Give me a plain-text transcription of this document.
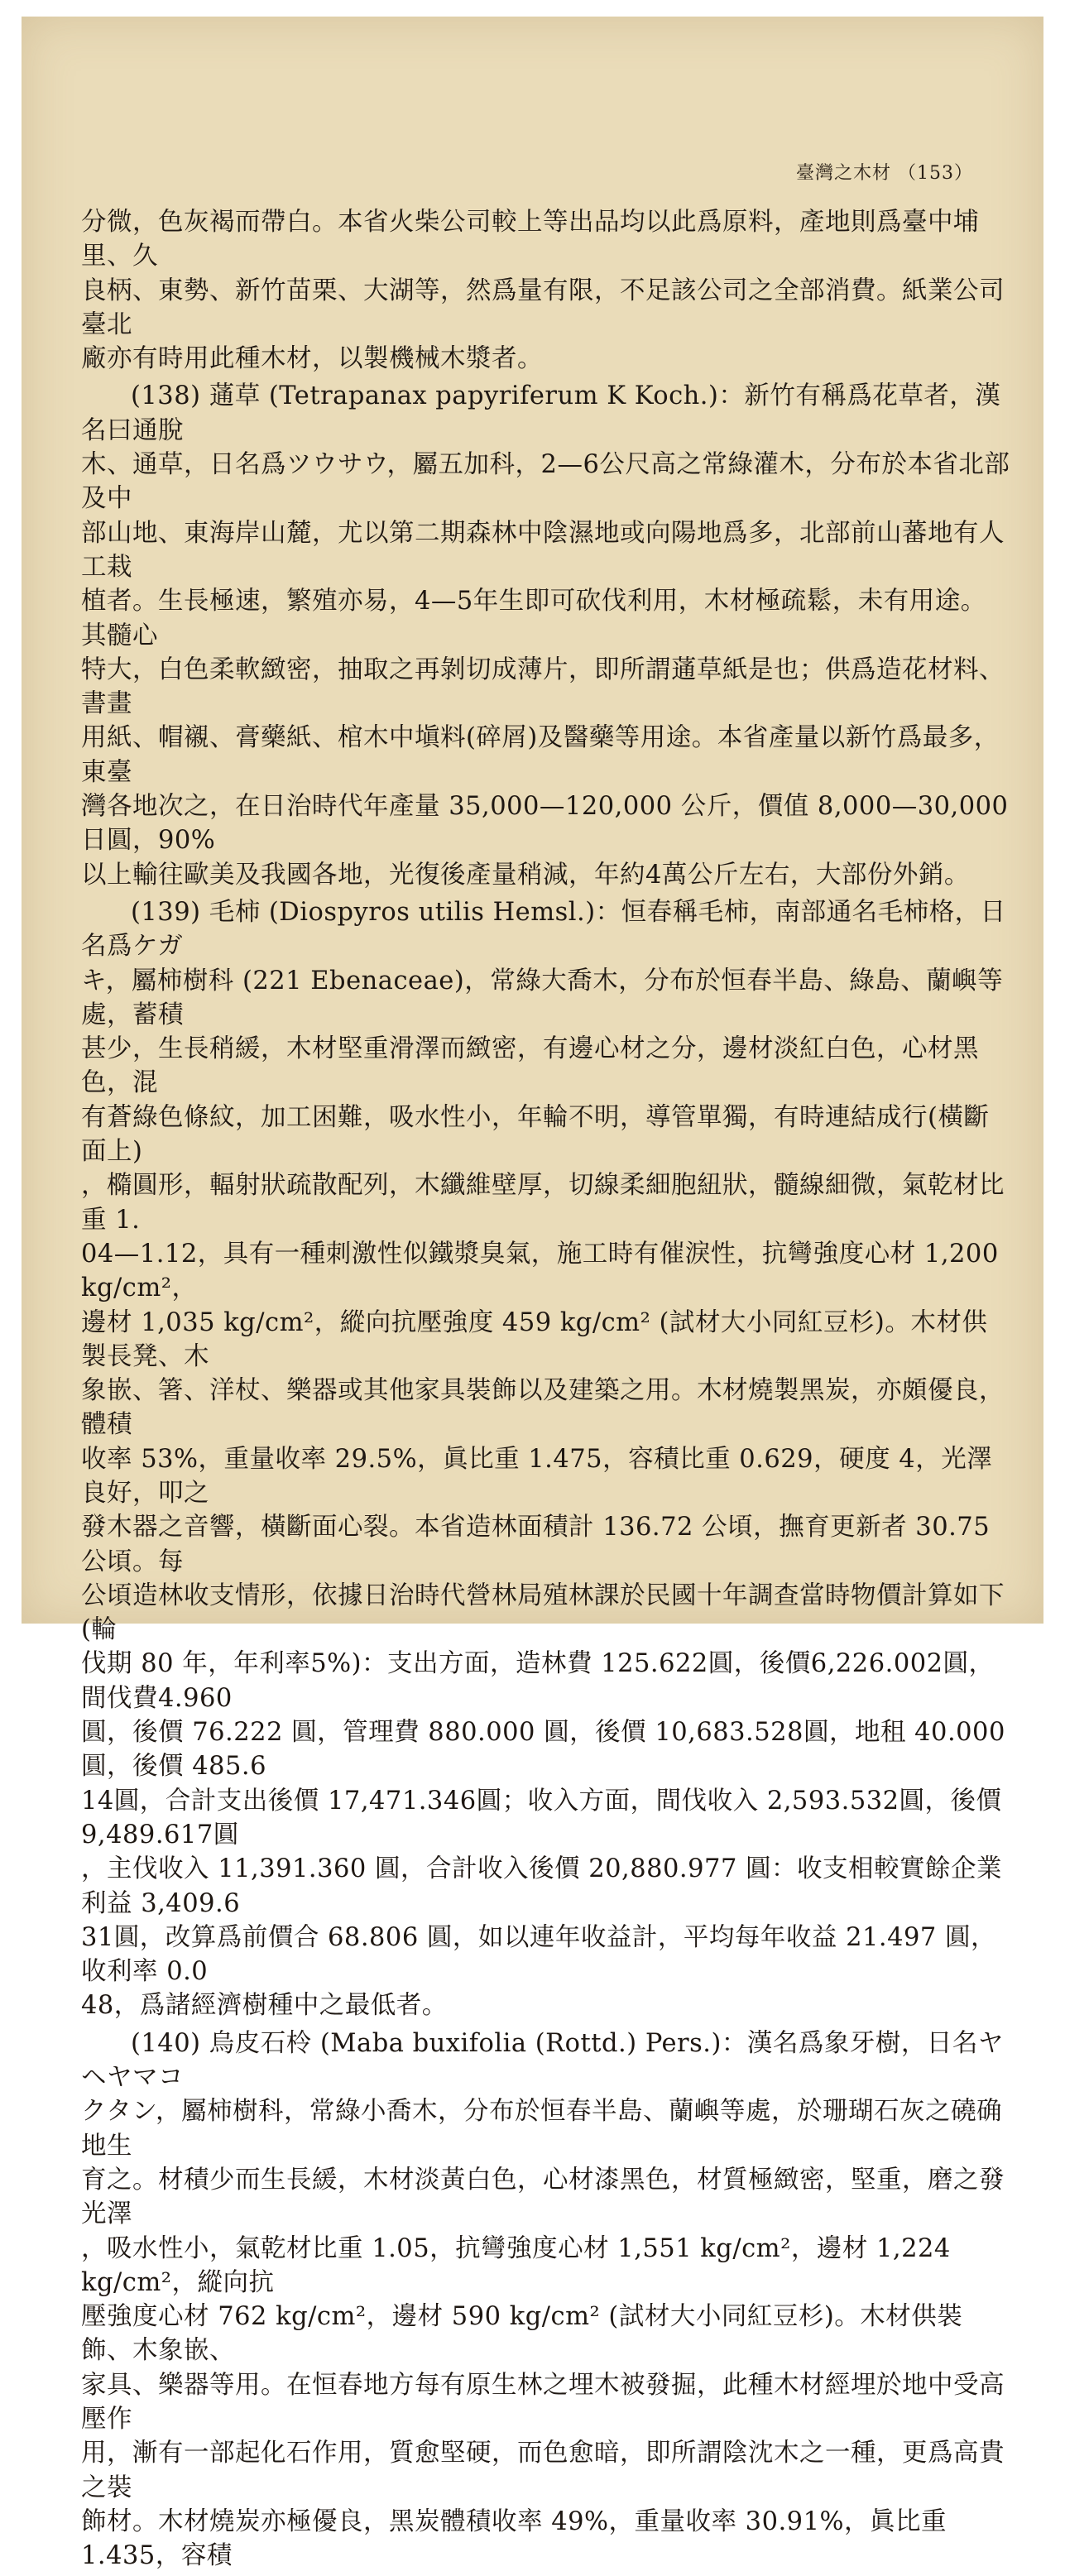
臺灣之木材 （153）

分微，色灰褐而帶白。本省火柴公司較上等出品均以此爲原料，產地則爲臺中埔里、久
良柄、東勢、新竹苗栗、大湖等，然爲量有限，不足該公司之全部消費。紙業公司臺北
廠亦有時用此種木材，以製機械木漿者。

(138) 蓪草 (Tetrapanax papyriferum K Koch.)：新竹有稱爲花草者，漢名曰通脫
木、通草，日名爲ツウサウ，屬五加科，2—6公尺高之常綠灌木，分布於本省北部及中
部山地、東海岸山麓，尤以第二期森林中陰濕地或向陽地爲多，北部前山蕃地有人工栽
植者。生長極速，繁殖亦易，4—5年生即可砍伐利用，木材極疏鬆，未有用途。其髓心
特大，白色柔軟緻密，抽取之再剝切成薄片，即所謂蓪草紙是也；供爲造花材料、書畫
用紙、帽襯、膏藥紙、棺木中塡料(碎屑)及醫藥等用途。本省產量以新竹爲最多，東臺
灣各地次之，在日治時代年產量 35,000—120,000 公斤，價值 8,000—30,000 日圓，90%
以上輸往歐美及我國各地，光復後產量稍減，年約4萬公斤左右，大部份外銷。

(139) 毛柿 (Diospyros utilis Hemsl.)：恒春稱毛柿，南部通名毛柿格，日名爲ケガ
キ，屬柿樹科 (221 Ebenaceae)，常綠大喬木，分布於恒春半島、綠島、蘭嶼等處，蓄積
甚少，生長稍緩，木材堅重滑澤而緻密，有邊心材之分，邊材淡紅白色，心材黑色，混
有蒼綠色條紋，加工困難，吸水性小，年輪不明，導管單獨，有時連結成行(橫斷面上)
，橢圓形，輻射狀疏散配列，木纖維壁厚，切線柔細胞紐狀，髓線細微，氣乾材比重 1.
04—1.12，具有一種刺激性似鐵漿臭氣，施工時有催淚性，抗彎強度心材 1,200 kg/cm²，
邊材 1,035 kg/cm²，縱向抗壓強度 459 kg/cm² (試材大小同紅豆杉)。木材供製長凳、木
象嵌、箸、洋杖、樂器或其他家具裝飾以及建築之用。木材燒製黑炭，亦頗優良，體積
收率 53%，重量收率 29.5%，眞比重 1.475，容積比重 0.629，硬度 4，光澤良好，叩之
發木器之音響，橫斷面心裂。本省造林面積計 136.72 公頃，撫育更新者 30.75 公頃。每
公頃造林收支情形，依據日治時代營林局殖林課於民國十年調查當時物價計算如下(輪
伐期 80 年，年利率5%)：支出方面，造林費 125.622圓，後價6,226.002圓，間伐費4.960
圓，後價 76.222 圓，管理費 880.000 圓，後價 10,683.528圓，地租 40.000圓，後價 485.6
14圓，合計支出後價 17,471.346圓；收入方面，間伐收入 2,593.532圓，後價 9,489.617圓
，主伐收入 11,391.360 圓，合計收入後價 20,880.977 圓：收支相較實餘企業利益 3,409.6
31圓，改算爲前價合 68.806 圓，如以連年收益計，平均每年收益 21.497 圓，收利率 0.0
48，爲諸經濟樹種中之最低者。

(140) 烏皮石柃 (Maba buxifolia (Rottd.) Pers.)：漢名爲象牙樹，日名ヤヘヤマコ
クタン，屬柿樹科，常綠小喬木，分布於恒春半島、蘭嶼等處，於珊瑚石灰之磽确地生
育之。材積少而生長緩，木材淡黃白色，心材漆黑色，材質極緻密，堅重，磨之發光澤
，吸水性小，氣乾材比重 1.05，抗彎強度心材 1,551 kg/cm²，邊材 1,224 kg/cm²，縱向抗
壓強度心材 762 kg/cm²，邊材 590 kg/cm² (試材大小同紅豆杉)。木材供裝飾、木象嵌、
家具、樂器等用。在恒春地方每有原生林之埋木被發掘，此種木材經埋於地中受高壓作
用，漸有一部起化石作用，質愈堅硬，而色愈暗，即所謂陰沈木之一種，更爲高貴之裝
飾材。木材燒炭亦極優良，黑炭體積收率 49%，重量收率 30.91%，眞比重 1.435，容積
